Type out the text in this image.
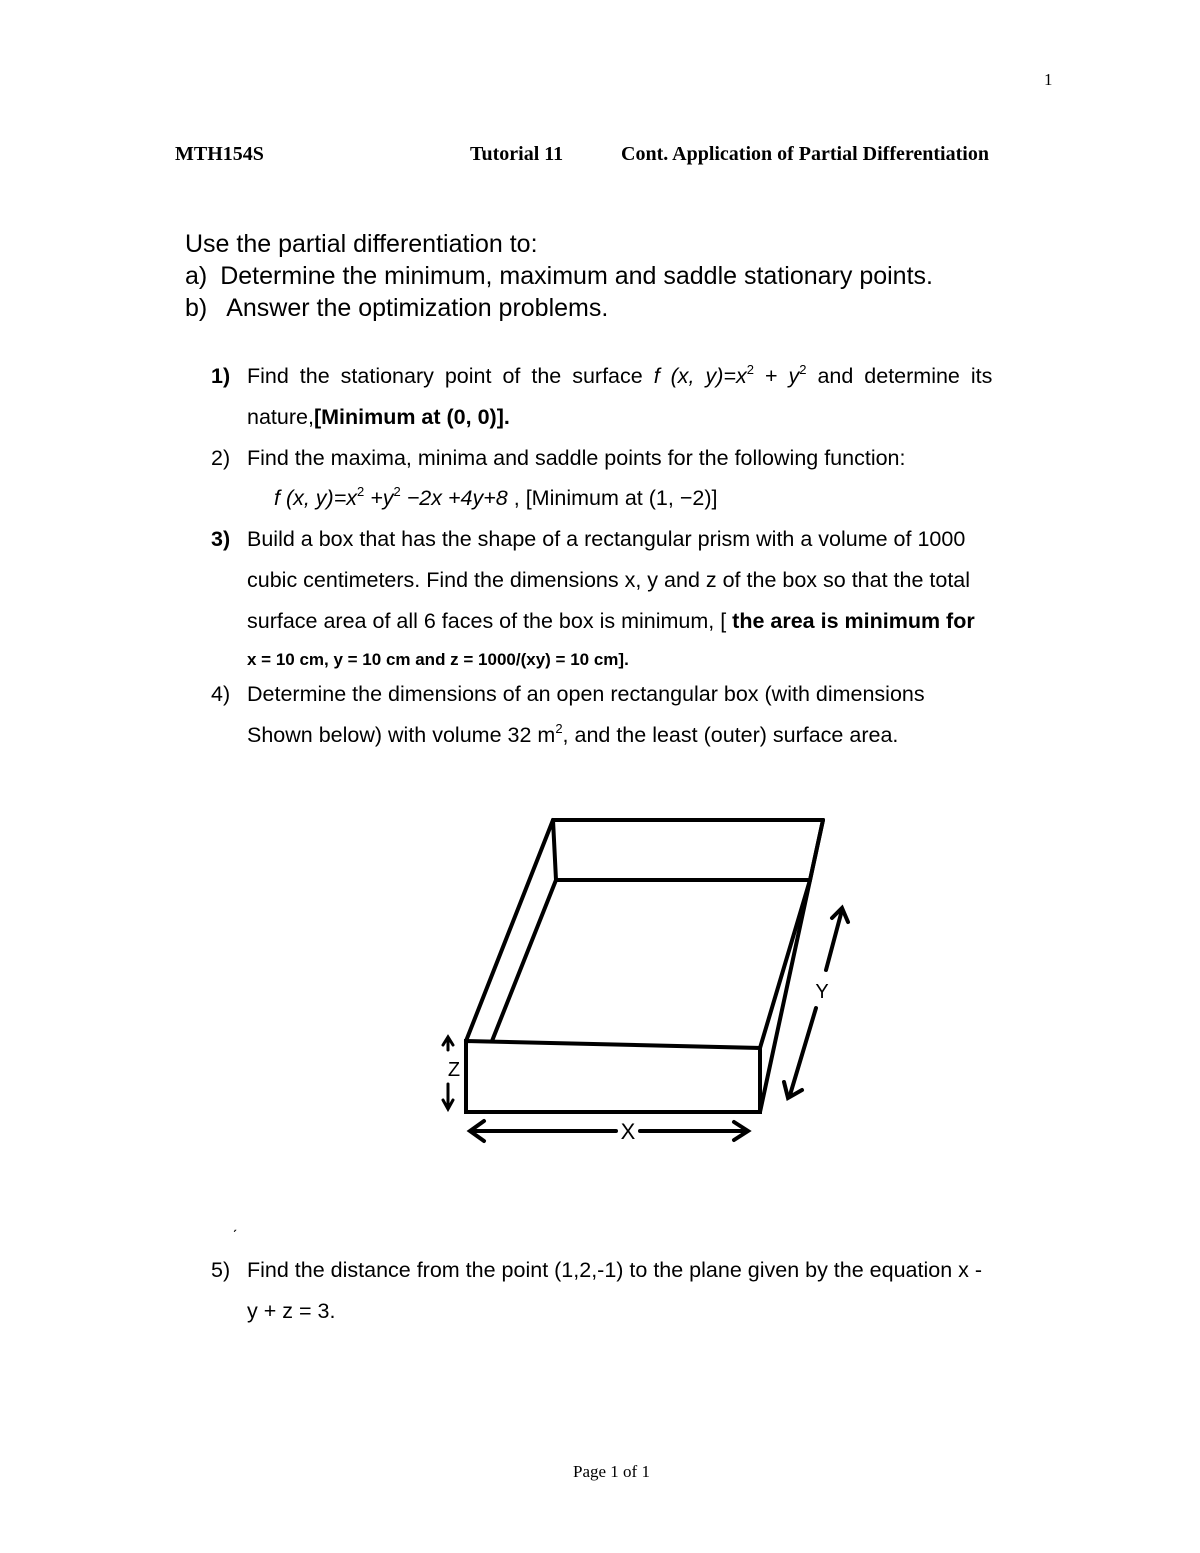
1
MTH154S	Tutorial 11	Cont. Application of Partial Differentiation
Use the partial differentiation to:
a) Determine the minimum, maximum and saddle stationary points.
b) Answer the optimization problems.
1) Find the stationary point of the surface f (x, $y)=x^2 + y^2$ and determine its
nature,[Minimum at (0, 0)].
2) Find the maxima, minima and saddle points for the following function:
f (x, $y)=x^2 +y^2 -2x +4y+8$ , [Minimum at (1, −2)]
3) Build a box that has the shape of a rectangular prism with a volume of 1000
cubic centimeters. Find the dimensions x, y and z of the box so that the total
surface area of all 6 faces of the box is minimum, [ the area is minimum for
x = 10 cm, y = 10 cm and z = 1000/(xy) = 10 cm].
4) Determine the dimensions of an open rectangular box (with dimensions
Shown below) with volume 32 $m^2$, and the least (outer) surface area.
X
Z
Y
ˏ
5) Find the distance from the point (1,2,-1) to the plane given by the equation x -
y + z = 3.
Page 1 of 1
